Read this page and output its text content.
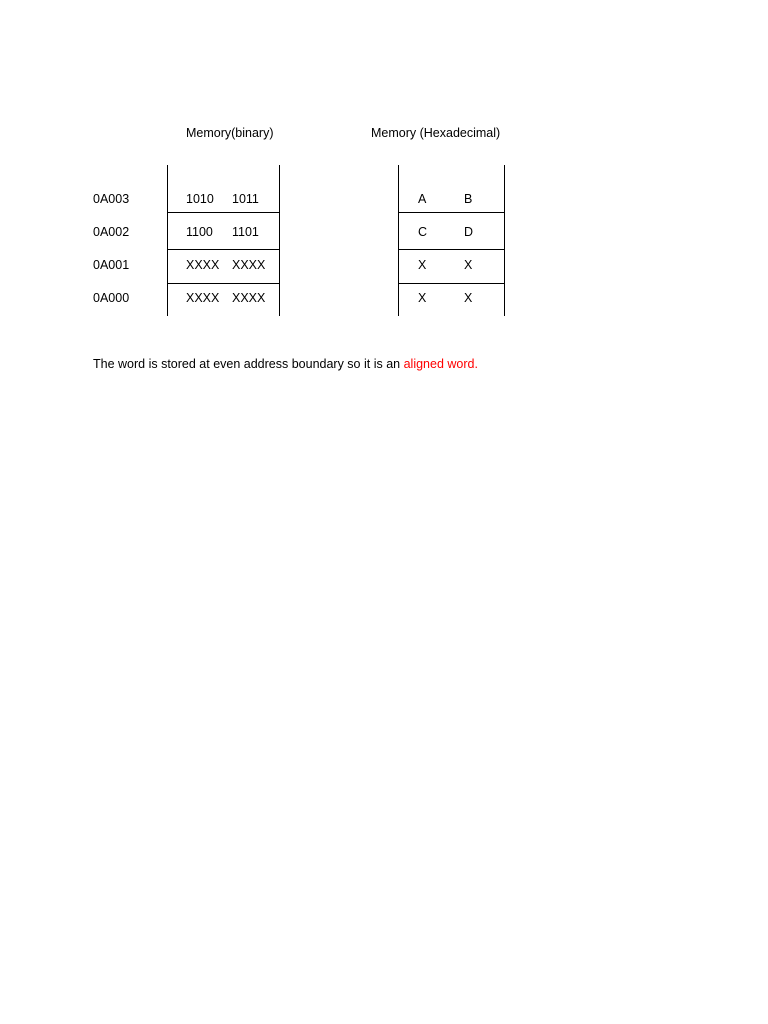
Memory(binary)	Memory (Hexadecimal)
0A003	1010 1011	A	B
0A002	1100 1101	C	D
0A001	XXXX XXXX	X	X
0A000	XXXX XXXX	X	X
The word is stored at even address boundary so it is an aligned word.
